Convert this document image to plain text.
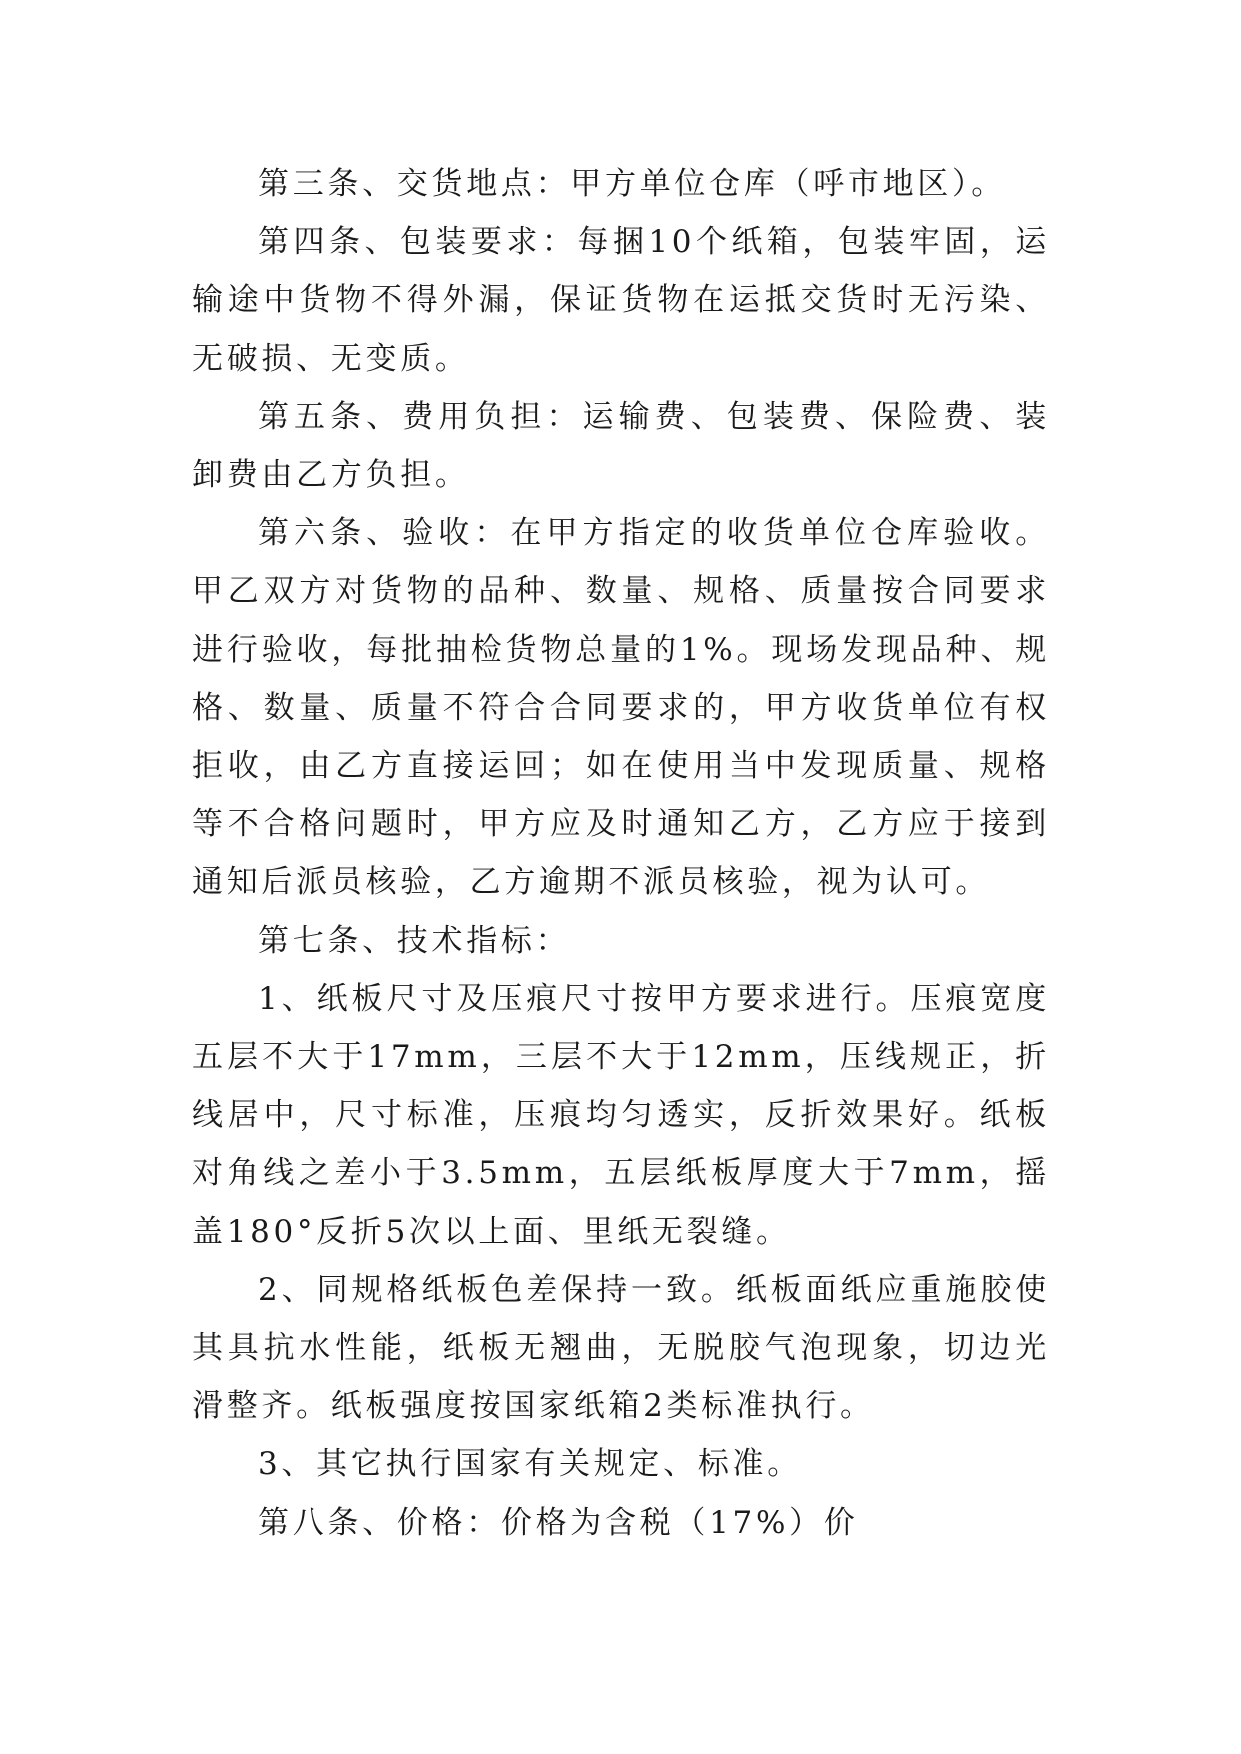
第三条、交货地点：甲方单位仓库（呼市地区）。

第四条、包装要求：每捆10个纸箱，包装牢固，运输途中货物不得外漏，保证货物在运抵交货时无污染、无破损、无变质。

第五条、费用负担：运输费、包装费、保险费、装卸费由乙方负担。

第六条、验收：在甲方指定的收货单位仓库验收。甲乙双方对货物的品种、数量、规格、质量按合同要求进行验收，每批抽检货物总量的1%。现场发现品种、规格、数量、质量不符合合同要求的，甲方收货单位有权拒收，由乙方直接运回；如在使用当中发现质量、规格等不合格问题时，甲方应及时通知乙方，乙方应于接到通知后派员核验，乙方逾期不派员核验，视为认可。

第七条、技术指标：

1、纸板尺寸及压痕尺寸按甲方要求进行。压痕宽度五层不大于17mm，三层不大于12mm，压线规正，折线居中，尺寸标准，压痕均匀透实，反折效果好。纸板对角线之差小于3.5mm，五层纸板厚度大于7mm，摇盖180°反折5次以上面、里纸无裂缝。

2、同规格纸板色差保持一致。纸板面纸应重施胶使其具抗水性能，纸板无翘曲，无脱胶气泡现象，切边光滑整齐。纸板强度按国家纸箱2类标准执行。

3、其它执行国家有关规定、标准。

第八条、价格：价格为含税（17%）价
